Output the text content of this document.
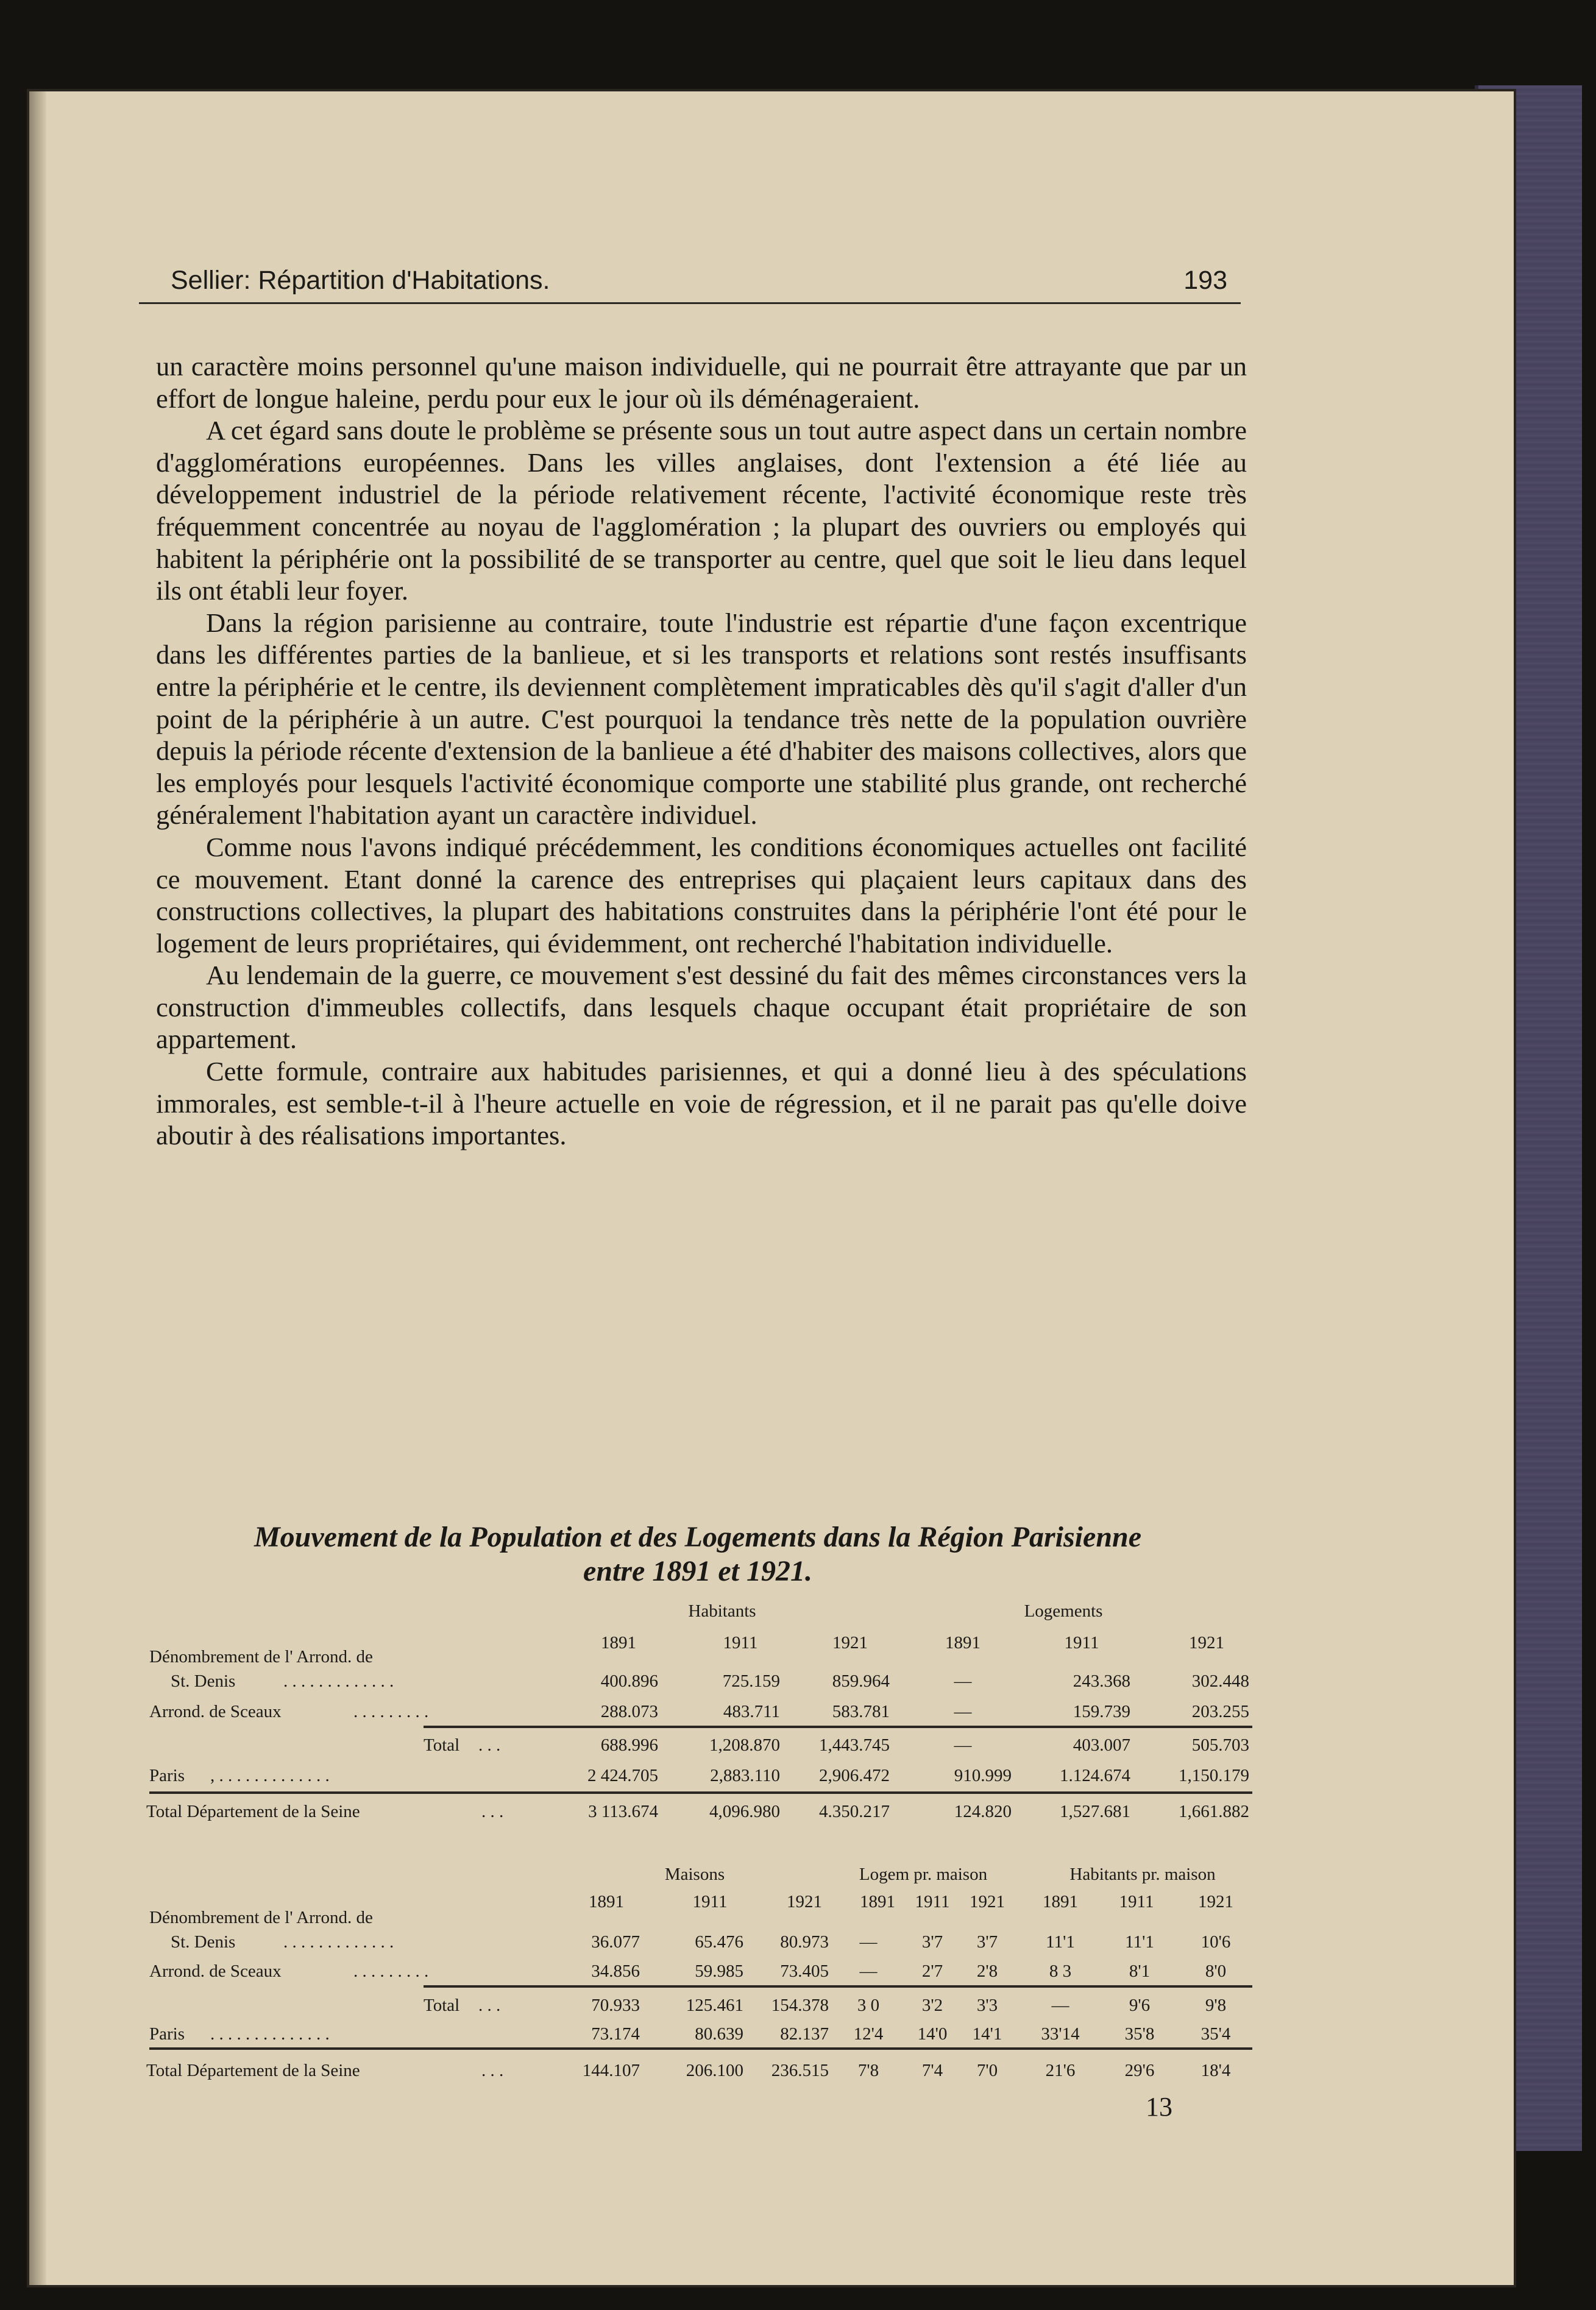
Sellier: Répartition d'Habitations.	193

un caractère moins personnel qu'une maison individuelle, qui ne pourrait être attrayante que par un effort de longue haleine, perdu pour eux le jour où ils déménageraient.

A cet égard sans doute le problème se présente sous un tout autre aspect dans un certain nombre d'agglomérations européennes. Dans les villes anglaises, dont l'extension a été liée au développement industriel de la période relativement récente, l'activité économique reste très fréquemment concentrée au noyau de l'agglomération ; la plupart des ouvriers ou employés qui habitent la périphérie ont la possibilité de se transporter au centre, quel que soit le lieu dans lequel ils ont établi leur foyer.

Dans la région parisienne au contraire, toute l'industrie est répartie d'une façon excentrique dans les différentes parties de la banlieue, et si les transports et relations sont restés insuffisants entre la périphérie et le centre, ils deviennent complètement impraticables dès qu'il s'agit d'aller d'un point de la périphérie à un autre. C'est pourquoi la tendance très nette de la population ouvrière depuis la période récente d'extension de la banlieue a été d'habiter des maisons collectives, alors que les employés pour lesquels l'activité économique comporte une stabilité plus grande, ont recherché généralement l'habitation ayant un caractère individuel.

Comme nous l'avons indiqué précédemment, les conditions économiques actuelles ont facilité ce mouvement. Etant donné la carence des entreprises qui plaçaient leurs capitaux dans des constructions collectives, la plupart des habitations construites dans la périphérie l'ont été pour le logement de leurs propriétaires, qui évidemment, ont recherché l'habitation individuelle.

Au lendemain de la guerre, ce mouvement s'est dessiné du fait des mêmes circonstances vers la construction d'immeubles collectifs, dans lesquels chaque occupant était propriétaire de son appartement.

Cette formule, contraire aux habitudes parisiennes, et qui a donné lieu à des spéculations immorales, est semble-t-il à l'heure actuelle en voie de régression, et il ne parait pas qu'elle doive aboutir à des réalisations importantes.

Mouvement de la Population et des Logements dans la Région Parisienne
entre 1891 et 1921.
Habitants	Logements
1891	1911	1921	1891	1911	1921
Dénombrement de l' Arrond. de
St. Denis	. . . . . . . . . . . . .	400.896	725.159	859.964	—	243.368	302.448
Arrond. de Sceaux	. . . . . . . . .	288.073	483.711	583.781	—	159.739	203.255
Total . . .	688.996	1,208.870	1,443.745	—	403.007	505.703
Paris , . . . . . . . . . . . . .	2 424.705	2,883.110	2,906.472	910.999	1.124.674	1,150.179
Total Département de la Seine	. . .	3 113.674	4,096.980	4.350.217	124.820	1,527.681	1,661.882
Maisons	Logem pr. maison	Habitants pr. maison
1891	1911	1921	1891	1911	1921	1891	1911	1921
Dénombrement de l' Arrond. de
St. Denis	. . . . . . . . . . . . .	36.077	65.476	80.973	—	3'7	3'7	11'1	11'1	10'6
Arrond. de Sceaux	. . . . . . . . .	34.856	59.985	73.405	—	2'7	2'8	8 3	8'1	8'0
Total . . .	70.933	125.461	154.378	3 0	3'2	3'3	—	9'6	9'8
Paris . . . . . . . . . . . . . .	73.174	80.639	82.137	12'4	14'0	14'1	33'14	35'8	35'4
Total Département de la Seine	. . .	144.107	206.100	236.515	7'8	7'4	7'0	21'6	29'6	18'4
13
